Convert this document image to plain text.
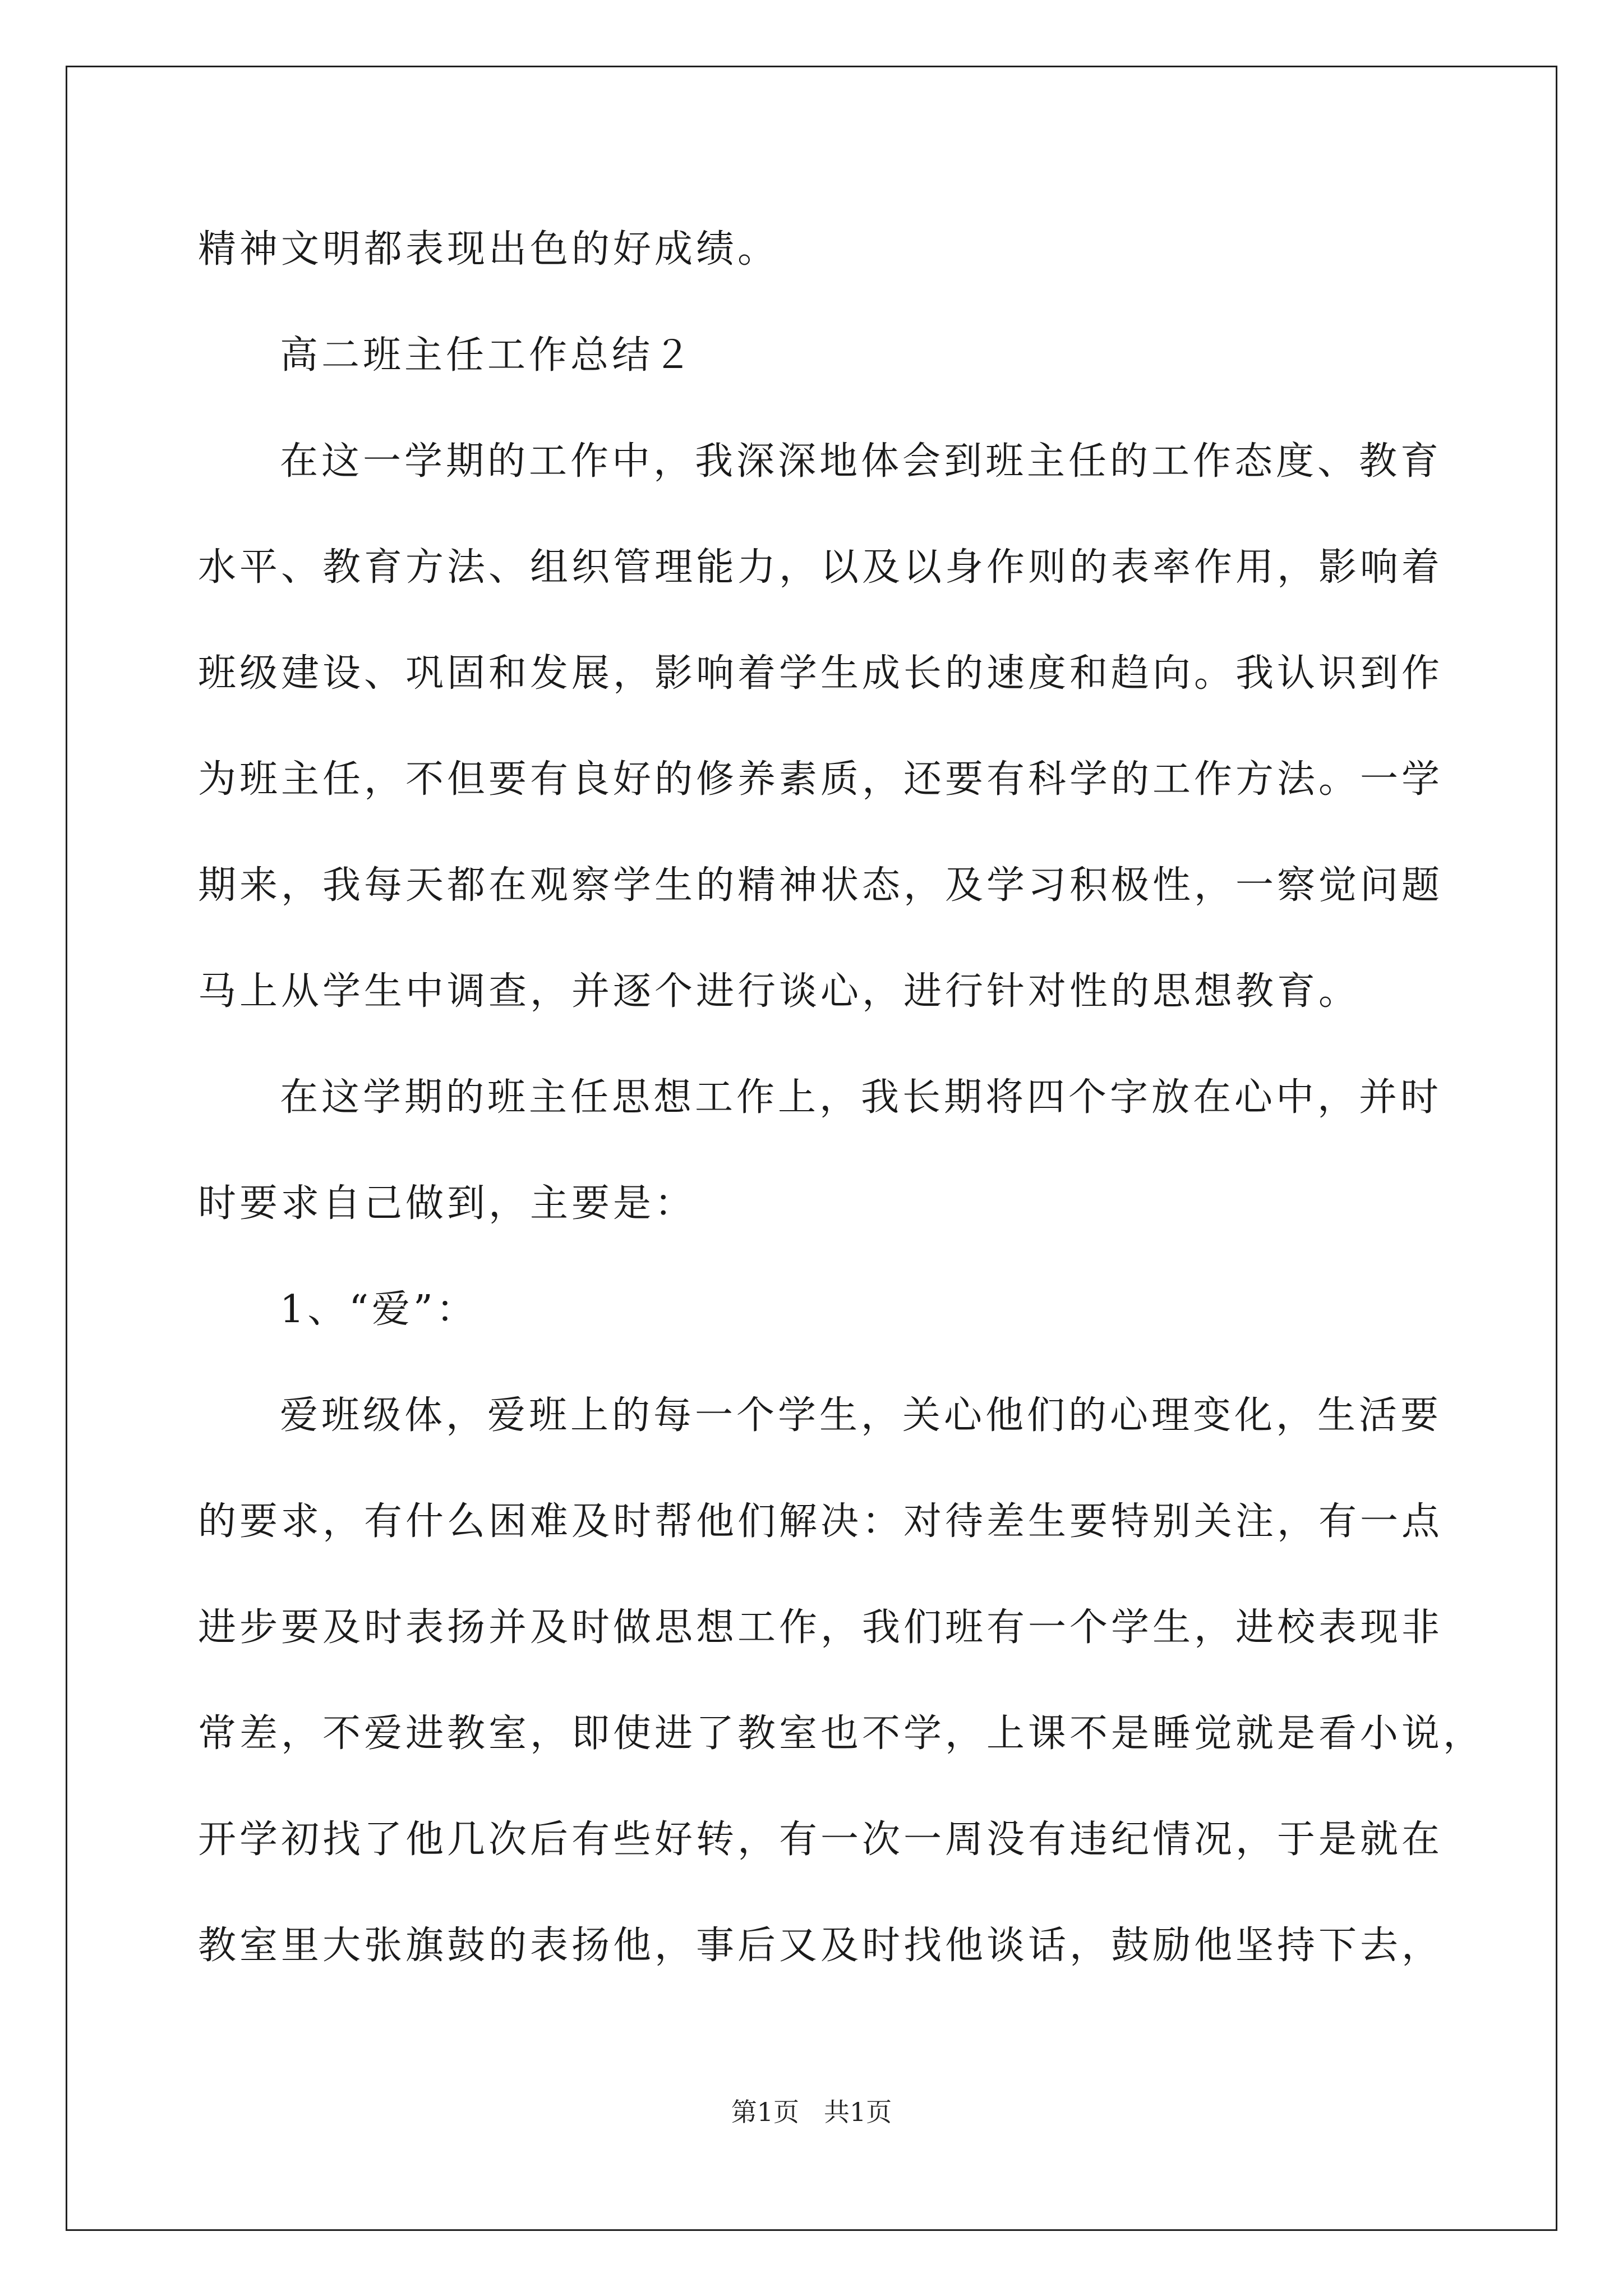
精神文明都表现出色的好成绩。
高二班主任工作总结２
在这一学期的工作中，我深深地体会到班主任的工作态度、教育
水平、教育方法、组织管理能力，以及以身作则的表率作用，影响着
班级建设、巩固和发展，影响着学生成长的速度和趋向。我认识到作
为班主任，不但要有良好的修养素质，还要有科学的工作方法。一学
期来，我每天都在观察学生的精神状态，及学习积极性，一察觉问题
马上从学生中调查，并逐个进行谈心，进行针对性的思想教育。
在这学期的班主任思想工作上，我长期将四个字放在心中，并时
时要求自己做到，主要是：
1、“爱”：
爱班级体，爱班上的每一个学生，关心他们的心理变化，生活要
的要求，有什么困难及时帮他们解决：对待差生要特别关注，有一点
进步要及时表扬并及时做思想工作，我们班有一个学生，进校表现非
常差，不爱进教室，即使进了教室也不学，上课不是睡觉就是看小说，
开学初找了他几次后有些好转，有一次一周没有违纪情况，于是就在
教室里大张旗鼓的表扬他，事后又及时找他谈话，鼓励他坚持下去，
第1页 共1页
